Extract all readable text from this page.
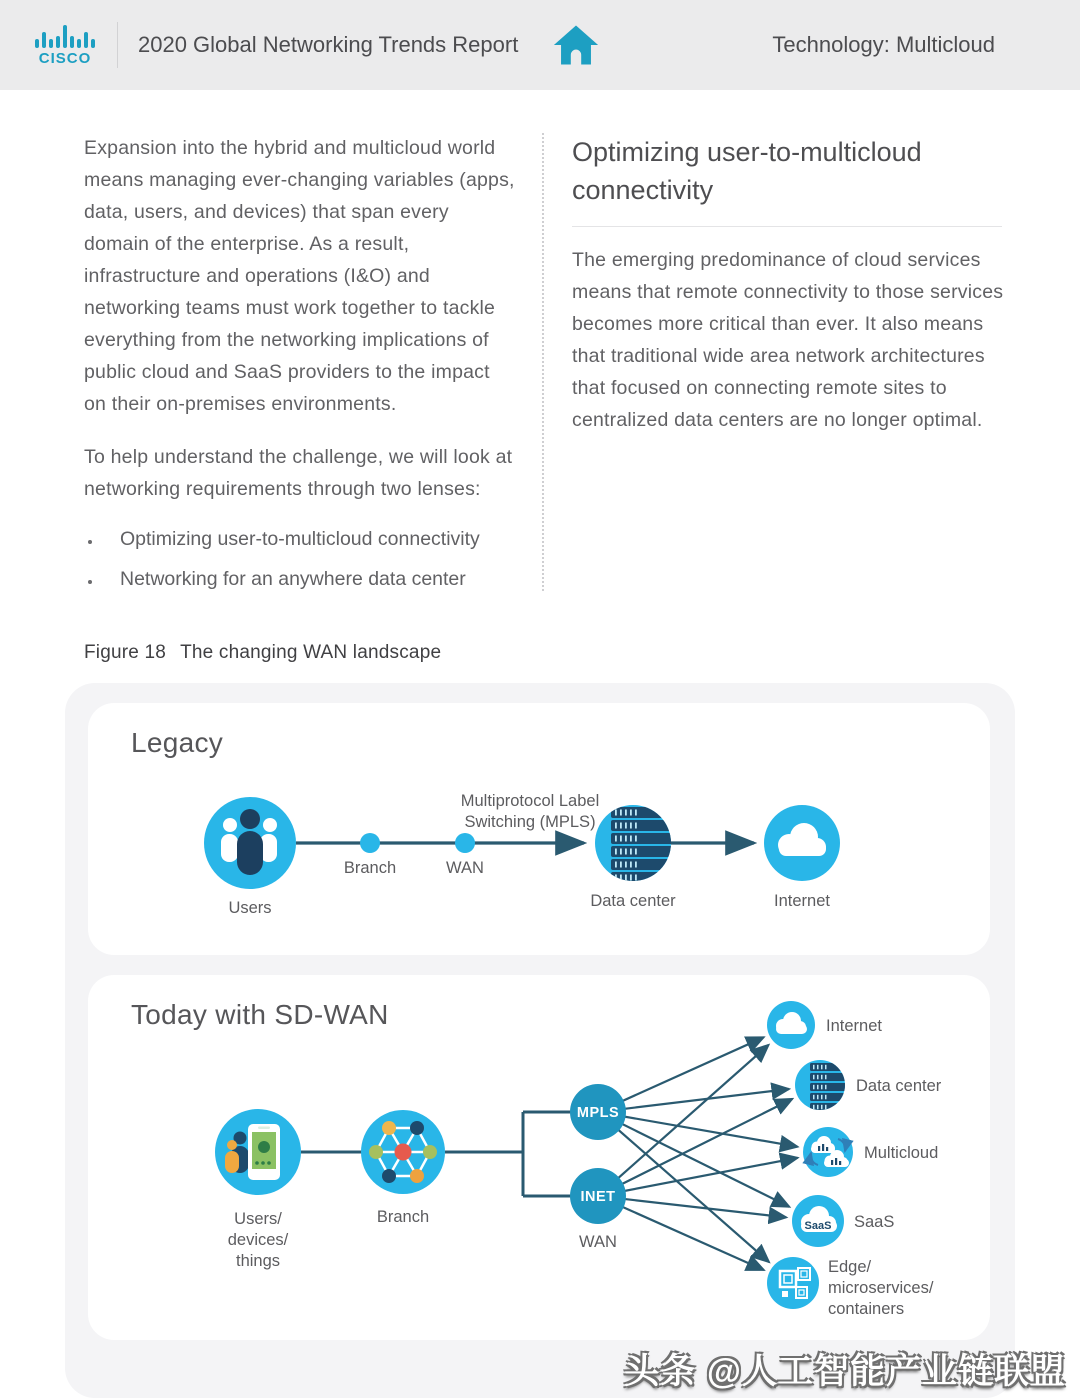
CISCO
2020 Global Networking Trends Report	Technology: Multicloud

Expansion into the hybrid and multicloud world means managing ever-changing variables (apps, data, users, and devices) that span every domain of the enterprise. As a result, infrastructure and operations (I&O) and networking teams must work together to tackle everything from the networking implications of public cloud and SaaS providers to the impact on their on-premises environments.

To help understand the challenge, we will look at networking requirements through two lenses:

Optimizing user-to-multicloud connectivity
Networking for an anywhere data center
Optimizing user-to-multicloud connectivity

The emerging predominance of cloud services means that remote connectivity to those services becomes more critical than ever. It also means that traditional wide area network architectures that focused on connecting remote sites to centralized data centers are no longer optimal.

Figure 18 The changing WAN landscape
Legacy
Branch	WAN
Multiprotocol Label
Switching (MPLS)
Users	Data center	Internet
Today with SD-WAN
MPLS
INET
SaaS
Users/
devices/
things
Branch
WAN
Internet
Data center
Multicloud
SaaS
Edge/
microservices/
containers
头条 @人工智能产业链联盟
